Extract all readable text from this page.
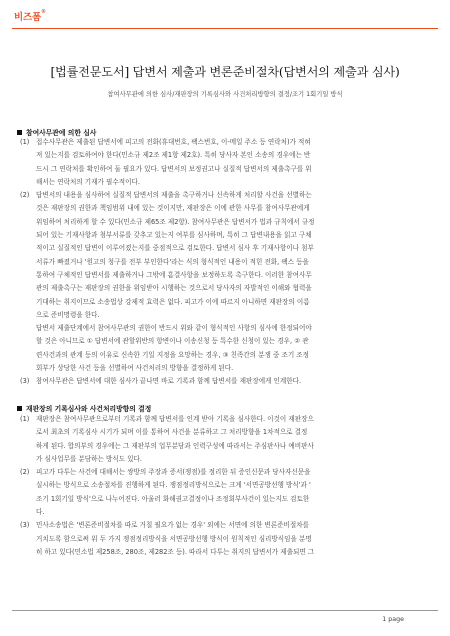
비즈폼®
[법률전문도서] 답변서 제출과 변론준비절차(답변서의 제출과 심사)
참여사무관에 의한 심사/재판장의 기록심사와 사건처리방향의 결정/조기 1회기일 방식
참여사무관에 의한 심사
(1) 접수사무관은 제출된 답변서에 피고의 전화(휴대번호, 팩스번호, 이-메일 주소 등 연락처)가 적혀
져 있는지를 검토하여야 한다(민소규 제2조 제1항 제2호). 특히 당사자 본인 소송의 경우에는 반
드시 그 연락처를 확인하여 둘 필요가 있다. 답변서의 보정권고나 실질적 답변서의 제출촉구를 위
해서는 연락처의 기재가 필수적이다.
(2) 답변서의 내용을 심사하여 실질적 답변서의 제출을 촉구하거나 신속하게 처리할 사건을 선별하는
것은 재판장의 권한과 책임범위 내에 있는 것이지만, 재판장은 이에 관한 사무를 참여사무관에게
위임하여 처리하게 할 수 있다(민소규 제65조 제2항). 참여사무관은 답변서가 법과 규칙에서 규정
되어 있는 기재사항과 첨부서류를 갖추고 있는지 여부를 심사하며, 특히 그 답변내용을 읽고 구체
적이고 실질적인 답변이 이루어졌는지를 중점적으로 검토한다. 답변서 심사 후 기재사항이나 첨부
서류가 빠졌거나 '원고의 청구를 전부 부인한다'라는 식의 형식적인 내용이 적힌 전화, 팩스 등을
통하여 구체적인 답변서를 제출하거나 그밖에 흠결사항을 보정하도록 촉구한다. 이러한 참여사무
관의 제출촉구는 재판장의 권한을 위임받아 시행하는 것으로서 당사자의 자발적인 이해와 협력을
기대하는 취지이므로 소송법상 강제적 효력은 없다. 피고가 이에 따르지 아니하면 재판장의 이름
으로 준비명령을 한다.
답변서 제출단계에서 참여사무관의 권한이 반드시 위와 같이 형식적인 사항의 심사에 한정되어야
할 것은 아니므로 ① 답변서에 관할위반의 항변이나 이송신청 등 특수한 신청이 있는 경우, ② 관
련사건과의 관계 등의 이유로 신속한 기일 지정을 요망하는 경우, ③ 친족간의 분쟁 중 조기 조정
회부가 상당한 사건 등을 선별하여 사건처리의 방향을 결정하게 된다.
(3) 참여사무관은 답변서에 대한 심사가 끝나면 바로 기록과 함께 답변서를 재판장에게 인계한다.
재판장의 기록심사와 사건처리방향의 결정
(1) 재판장은 참여사무관으로부터 기록과 함께 답변서를 인계 받아 기록을 심사한다. 이것이 재판장으
로서 최초의 기록심사 시기가 되며 이를 통하여 사건을 분류하고 그 처리방향을 1차적으로 결정
하게 된다. 합의부의 경우에는 그 재판부의 업무분담과 인력구성에 따라서는 주심판사나 예비판사
가 심사업무를 분담하는 방식도 있다.
(2) 피고가 다투는 사건에 대해서는 쌍방의 주장과 증서(쟁점)를 정리한 뒤 증인신문과 당사자신문을
실시하는 방식으로 소송절차를 진행하게 된다. 쟁점정리방식으로는 크게 '서면공방선행 방식'과 '
조기 1회기일 방식'으로 나누어진다. 아울러 화해권고결정이나 조정회부사건이 있는지도 검토한
다.
(3) 민사소송법은 '변론준비절차를 따로 거칠 필요가 없는 경우' 외에는 서면에 의한 변론준비절차를
거치도록 함으로써 위 두 가지 쟁점정리방식을 서면공방선행 방식이 원칙적인 심리방식임을 분명
히 하고 있다(민소법 제258조, 280조, 제282조 등). 따라서 다투는 취지의 답변서가 제출되면 그
1 page
